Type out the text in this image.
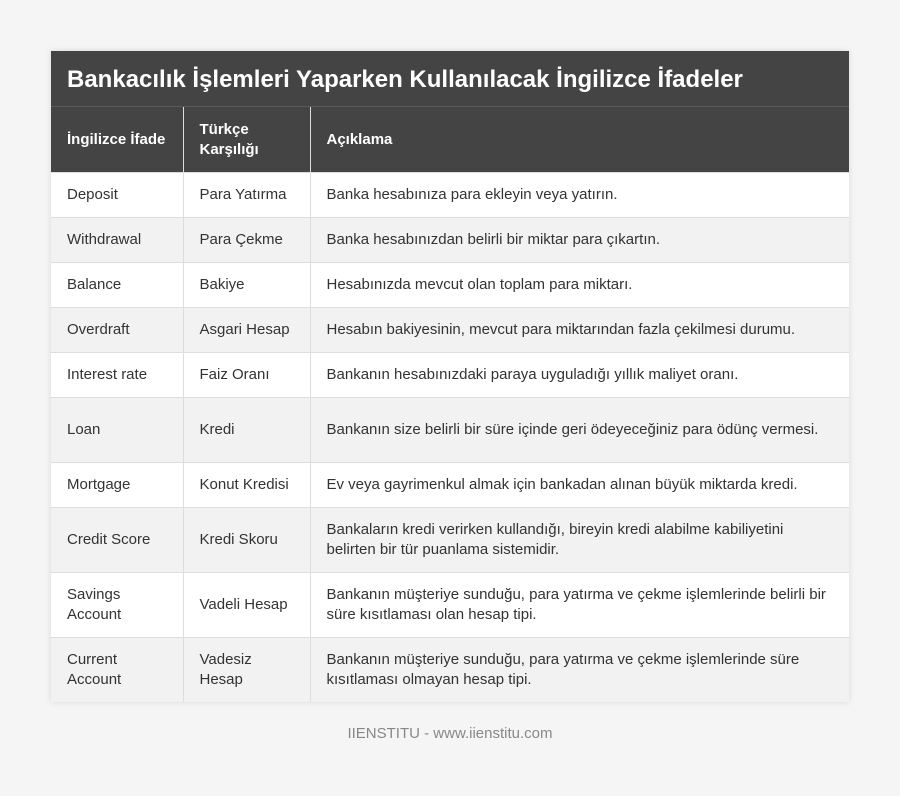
Bankacılık İşlemleri Yaparken Kullanılacak İngilizce İfadeler
İngilizce İfade	Türkçe Karşılığı	Açıklama
Deposit	Para Yatırma	Banka hesabınıza para ekleyin veya yatırın.
Withdrawal	Para Çekme	Banka hesabınızdan belirli bir miktar para çıkartın.
Balance	Bakiye	Hesabınızda mevcut olan toplam para miktarı.
Overdraft	Asgari Hesap	Hesabın bakiyesinin, mevcut para miktarından fazla çekilmesi durumu.
Interest rate	Faiz Oranı	Bankanın hesabınızdaki paraya uyguladığı yıllık maliyet oranı.
Loan	Kredi	Bankanın size belirli bir süre içinde geri ödeyeceğiniz para ödünç vermesi.
Mortgage	Konut Kredisi	Ev veya gayrimenkul almak için bankadan alınan büyük miktarda kredi.
Credit Score	Kredi Skoru	Bankaların kredi verirken kullandığı, bireyin kredi alabilme kabiliyetini belirten bir tür puanlama sistemidir.
Savings Account	Vadeli Hesap	Bankanın müşteriye sunduğu, para yatırma ve çekme işlemlerinde belirli bir süre kısıtlaması olan hesap tipi.
Current Account	Vadesiz Hesap	Bankanın müşteriye sunduğu, para yatırma ve çekme işlemlerinde süre kısıtlaması olmayan hesap tipi.
IIENSTITU - www.iienstitu.com
